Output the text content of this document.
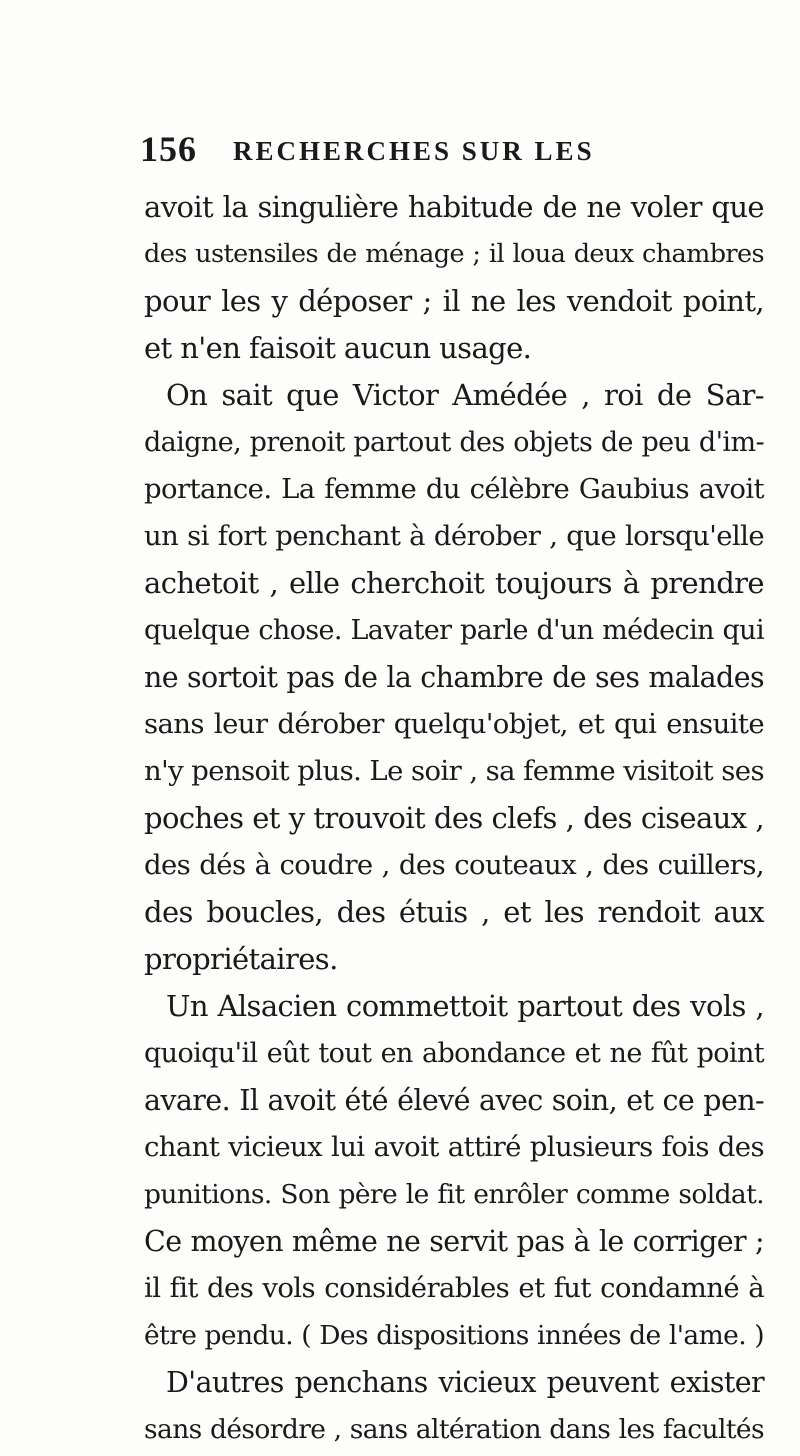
156 RECHERCHES SUR LES
avoit la singulière habitude de ne voler que
des ustensiles de ménage ; il loua deux chambres
pour les y déposer ; il ne les vendoit point,
et n'en faisoit aucun usage.
On sait que Victor Amédée , roi de Sar-
daigne, prenoit partout des objets de peu d'im-
portance. La femme du célèbre Gaubius avoit
un si fort penchant à dérober , que lorsqu'elle
achetoit , elle cherchoit toujours à prendre
quelque chose. Lavater parle d'un médecin qui
ne sortoit pas de la chambre de ses malades
sans leur dérober quelqu'objet, et qui ensuite
n'y pensoit plus. Le soir , sa femme visitoit ses
poches et y trouvoit des clefs , des ciseaux ,
des dés à coudre , des couteaux , des cuillers,
des boucles, des étuis , et les rendoit aux
propriétaires.
Un Alsacien commettoit partout des vols ,
quoiqu'il eût tout en abondance et ne fût point
avare. Il avoit été élevé avec soin, et ce pen-
chant vicieux lui avoit attiré plusieurs fois des
punitions. Son père le fit enrôler comme soldat.
Ce moyen même ne servit pas à le corriger ;
il fit des vols considérables et fut condamné à
être pendu. ( Des dispositions innées de l'ame. )
D'autres penchans vicieux peuvent exister
sans désordre , sans altération dans les facultés
